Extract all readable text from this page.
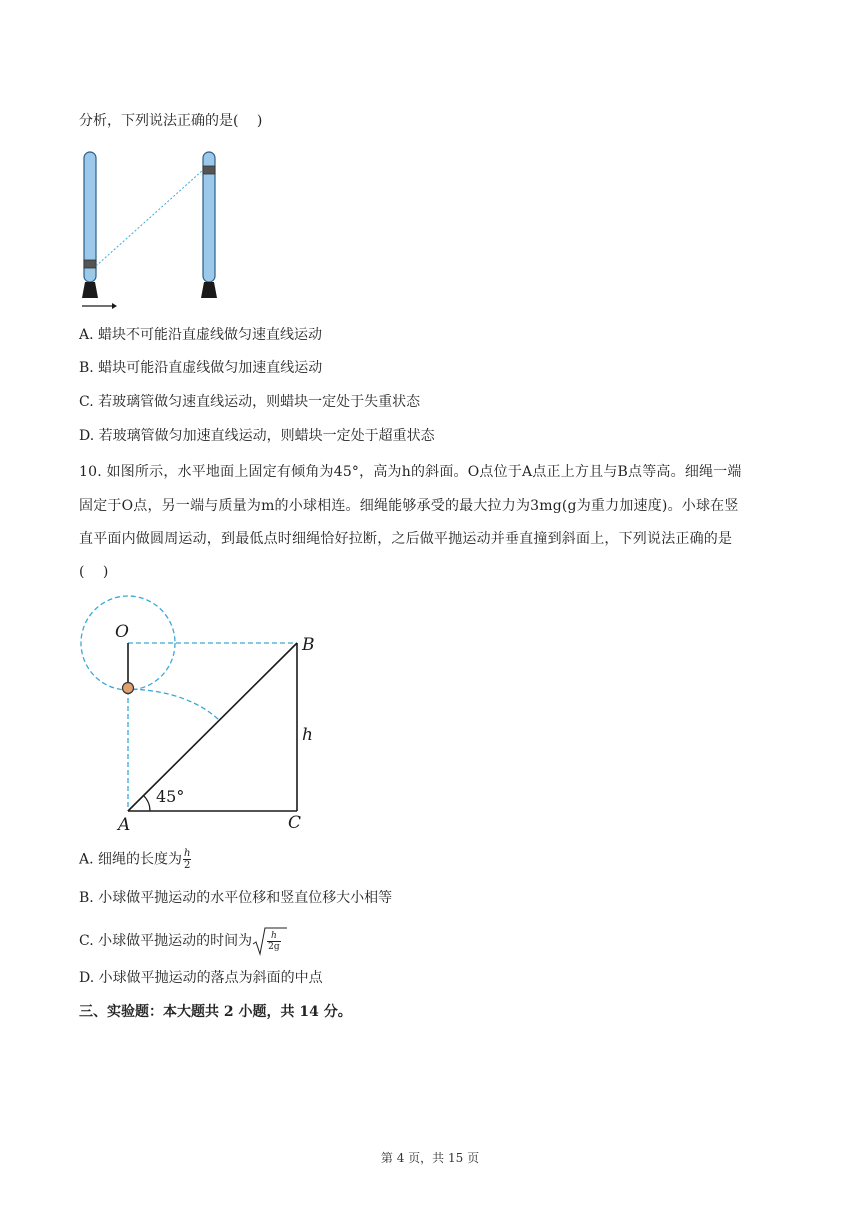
分析，下列说法正确的是(　 )
A. 蜡块不可能沿直虚线做匀速直线运动
B. 蜡块可能沿直虚线做匀加速直线运动
C. 若玻璃管做匀速直线运动，则蜡块一定处于失重状态
D. 若玻璃管做匀加速直线运动，则蜡块一定处于超重状态
10. 如图所示，水平地面上固定有倾角为45°，高为h的斜面。O点位于A点正上方且与B点等高。细绳一端
固定于O点，另一端与质量为m的小球相连。细绳能够承受的最大拉力为3mg(g为重力加速度)。小球在竖
直平面内做圆周运动，到最低点时细绳恰好拉断，之后做平抛运动并垂直撞到斜面上，下列说法正确的是
(　 )
O
B
h
45°
A	C
A. 细绳的长度为 $\frac{h}{2}$
B. 小球做平抛运动的水平位移和竖直位移大小相等
C. 小球做平抛运动的时间为 $\frac{h}{2g}$
D. 小球做平抛运动的落点为斜面的中点
三、实验题：本大题共 2 小题，共 14 分。
第 4 页，共 15 页
